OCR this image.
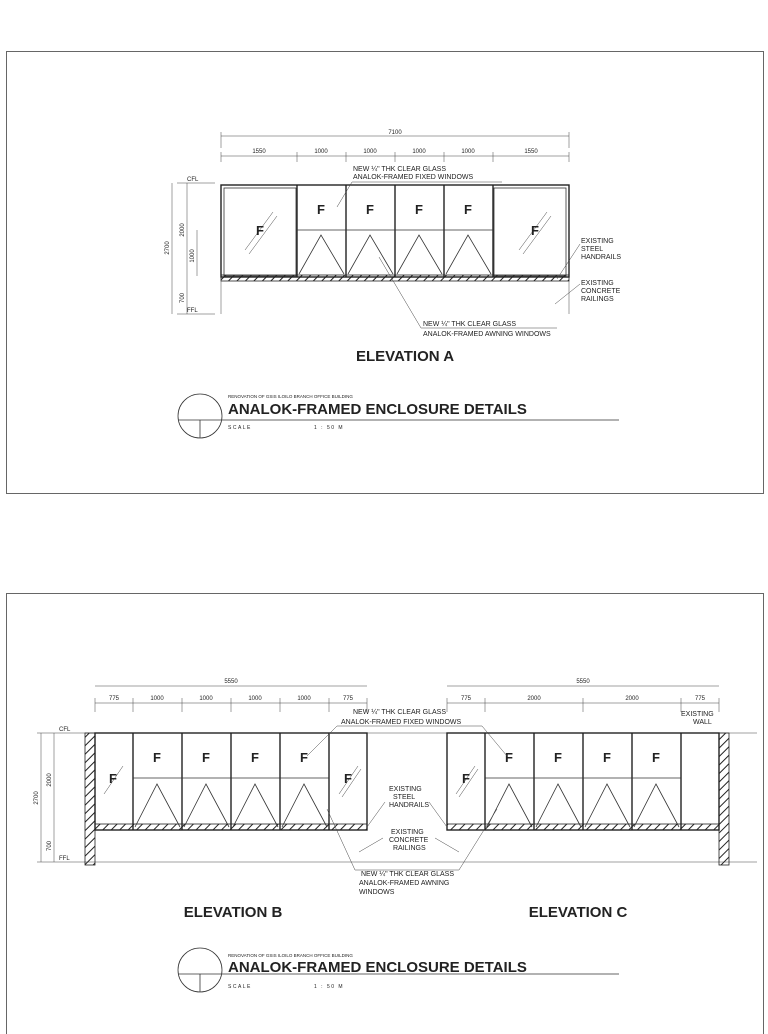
7100
1550	1000	1000	1000	1000	1550
CFL
FFL
2700
2000
1000
700
F	F
F	F	F	F
NEW ¼" THK CLEAR GLASS
ANALOK-FRAMED FIXED WINDOWS
NEW ¼" THK CLEAR GLASS
ANALOK-FRAMED AWNING WINDOWS
EXISTING
STEEL
HANDRAILS
EXISTING
CONCRETE
RAILINGS
ELEVATION A
RENOVATION OF GSIS ILOILO BRANCH OFFICE BUILDING
ANALOK-FRAMED ENCLOSURE DETAILS
SCALE	1 : 50 M
5550
775	1000	1000	1000	1000	775
5550
775	2000	2000	775
CFL
FFL
2700
2000
700
F	F
F	F	F	F
F
F	F	F	F
NEW ¼" THK CLEAR GLASS
ANALOK-FRAMED FIXED WINDOWS
EXISTING
WALL
EXISTING
STEEL
HANDRAILS
EXISTING
CONCRETE
RAILINGS
NEW ¼" THK CLEAR GLASS
ANALOK-FRAMED AWNING
WINDOWS
ELEVATION B	ELEVATION C
RENOVATION OF GSIS ILOILO BRANCH OFFICE BUILDING
ANALOK-FRAMED ENCLOSURE DETAILS
SCALE	1 : 50 M
